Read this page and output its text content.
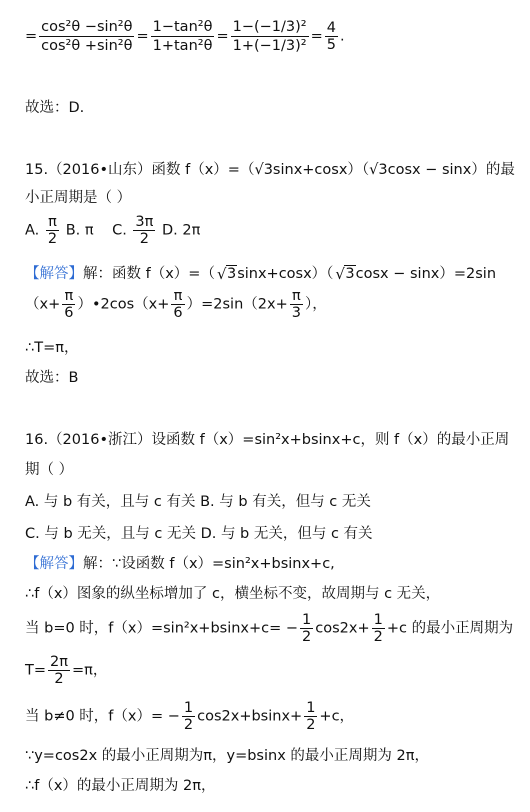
= $\frac{\text{cos²θ −sin²θ}}{\text{cos²θ +sin²θ}} = \frac{\text{1−tan²θ}}{\text{1+tan²θ}} = \frac{\text{1−(−1/3)²}}{\text{1+(−1/3)²}} = \frac{4}{5}$ .
故选：D.
15.（2016•山东）函数 f（x）=（√3sinx+cosx）（√3cosx − sinx）的最
小正周期是（ ）
A. $\frac{\pi}{2} B$. π C. $\frac{3\pi}{2} D$. 2π
【解答】解：函数 f（x）=（ √ 3sinx+cosx）（ √ 3cosx − sinx）=2sin
（$x+ \frac{\pi}{6}$ ）•2cos（x+ $\frac{\pi}{6} )=2\sin(2x+ \frac{\pi}{3}$ ），
∴T=π，
故选：B
16.（2016•浙江）设函数 f（x）=sin²x+bsinx+c，则 f（x）的最小正周
期（ ）
A. 与 b 有关，且与 c 有关 B. 与 b 有关，但与 c 无关
C. 与 b 无关，且与 c 无关 D. 与 b 无关，但与 c 有关
【解答】解：∵设函数 f（x）=sin²x+bsinx+c,
∴f（x）图象的纵坐标增加了 c，横坐标不变，故周期与 c 无关，
当 b=0 时，$f(x)=\sin^2x+bsinx+c= - \frac{1}{2} \cos 2x+ \frac{1}{2} +c$ 的最小正周期为
$T= \frac{2\pi}{2} =\pi$，
当 b≠0 时，$f(x)= - \frac{1}{2} \cos 2x+bsinx+ \frac{1}{2} +c$，
∵y=cos2x 的最小正周期为π，y=bsinx 的最小正周期为 2π，
∴f（x）的最小正周期为 2π，
